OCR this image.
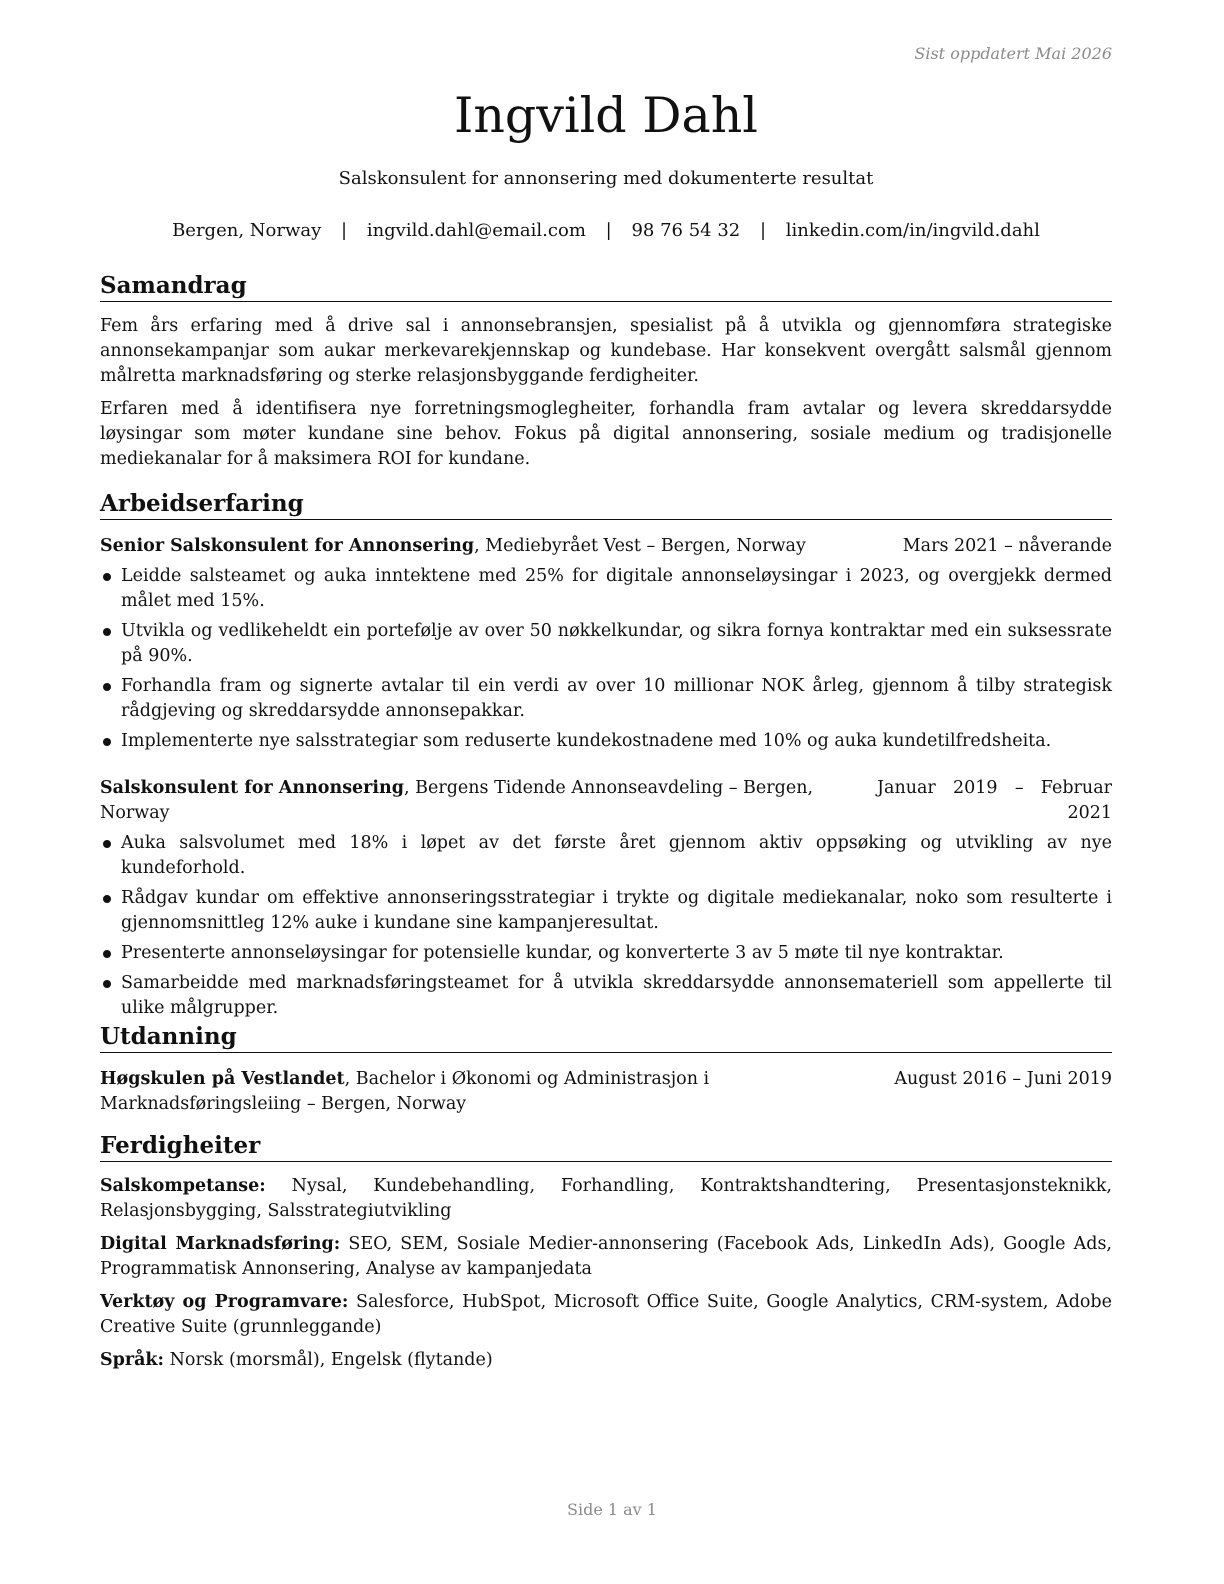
Sist oppdatert Mai 2026
Ingvild Dahl
Salskonsulent for annonsering med dokumenterte resultat
Bergen, Norway | ingvild.dahl@email.com | 98 76 54 32 | linkedin.com/in/ingvild.dahl
Samandrag

Fem års erfaring med å drive sal i annonsebransjen, spesialist på å utvikla og gjennomføra strategiske annonsekampanjar som aukar merkevarekjennskap og kundebase. Har konsekvent overgått salsmål gjennom målretta marknadsføring og sterke relasjonsbyggande ferdigheiter.

Erfaren med å identifisera nye forretningsmoglegheiter, forhandla fram avtalar og levera skreddarsydde løysingar som møter kundane sine behov. Fokus på digital annonsering, sosiale medium og tradisjonelle mediekanalar for å maksimera ROI for kundane.

Arbeidserfaring
Senior Salskonsulent for Annonsering, Mediebyrået Vest – Bergen, Norway	Mars 2021 – nåverande
Leidde salsteamet og auka inntektene med 25% for digitale annonseløysingar i 2023, og overgjekk dermed målet med 15%.
Utvikla og vedlikeheldt ein portefølje av over 50 nøkkelkundar, og sikra fornya kontraktar med ein suksessrate på 90%.
Forhandla fram og signerte avtalar til ein verdi av over 10 millionar NOK årleg, gjennom å tilby strategisk rådgjeving og skreddarsydde annonsepakkar.
Implementerte nye salsstrategiar som reduserte kundekostnadene med 10% og auka kundetilfredsheita.
Salskonsulent for Annonsering, Bergens Tidende Annonseavdeling – Bergen, Norway
Januar 2019 – Februar 2021
Auka salsvolumet med 18% i løpet av det første året gjennom aktiv oppsøking og utvikling av nye kundeforhold.
Rådgav kundar om effektive annonseringsstrategiar i trykte og digitale mediekanalar, noko som resulterte i gjennomsnittleg 12% auke i kundane sine kampanjeresultat.
Presenterte annonseløysingar for potensielle kundar, og konverterte 3 av 5 møte til nye kontraktar.
Samarbeidde med marknadsføringsteamet for å utvikla skreddarsydde annonsemateriell som appellerte til ulike målgrupper.
Utdanning
Høgskulen på Vestlandet, Bachelor i Økonomi og Administrasjon i Marknadsføringsleiing – Bergen, Norway
August 2016 – Juni 2019
Ferdigheiter

Salskompetanse: Nysal, Kundebehandling, Forhandling, Kontraktshandtering, Presentasjonsteknikk, Relasjonsbygging, Salsstrategiutvikling

Digital Marknadsføring: SEO, SEM, Sosiale Medier-annonsering (Facebook Ads, LinkedIn Ads), Google Ads, Programmatisk Annonsering, Analyse av kampanjedata

Verktøy og Programvare: Salesforce, HubSpot, Microsoft Office Suite, Google Analytics, CRM-system, Adobe Creative Suite (grunnleggande)

Språk: Norsk (morsmål), Engelsk (flytande)

Side 1 av 1
